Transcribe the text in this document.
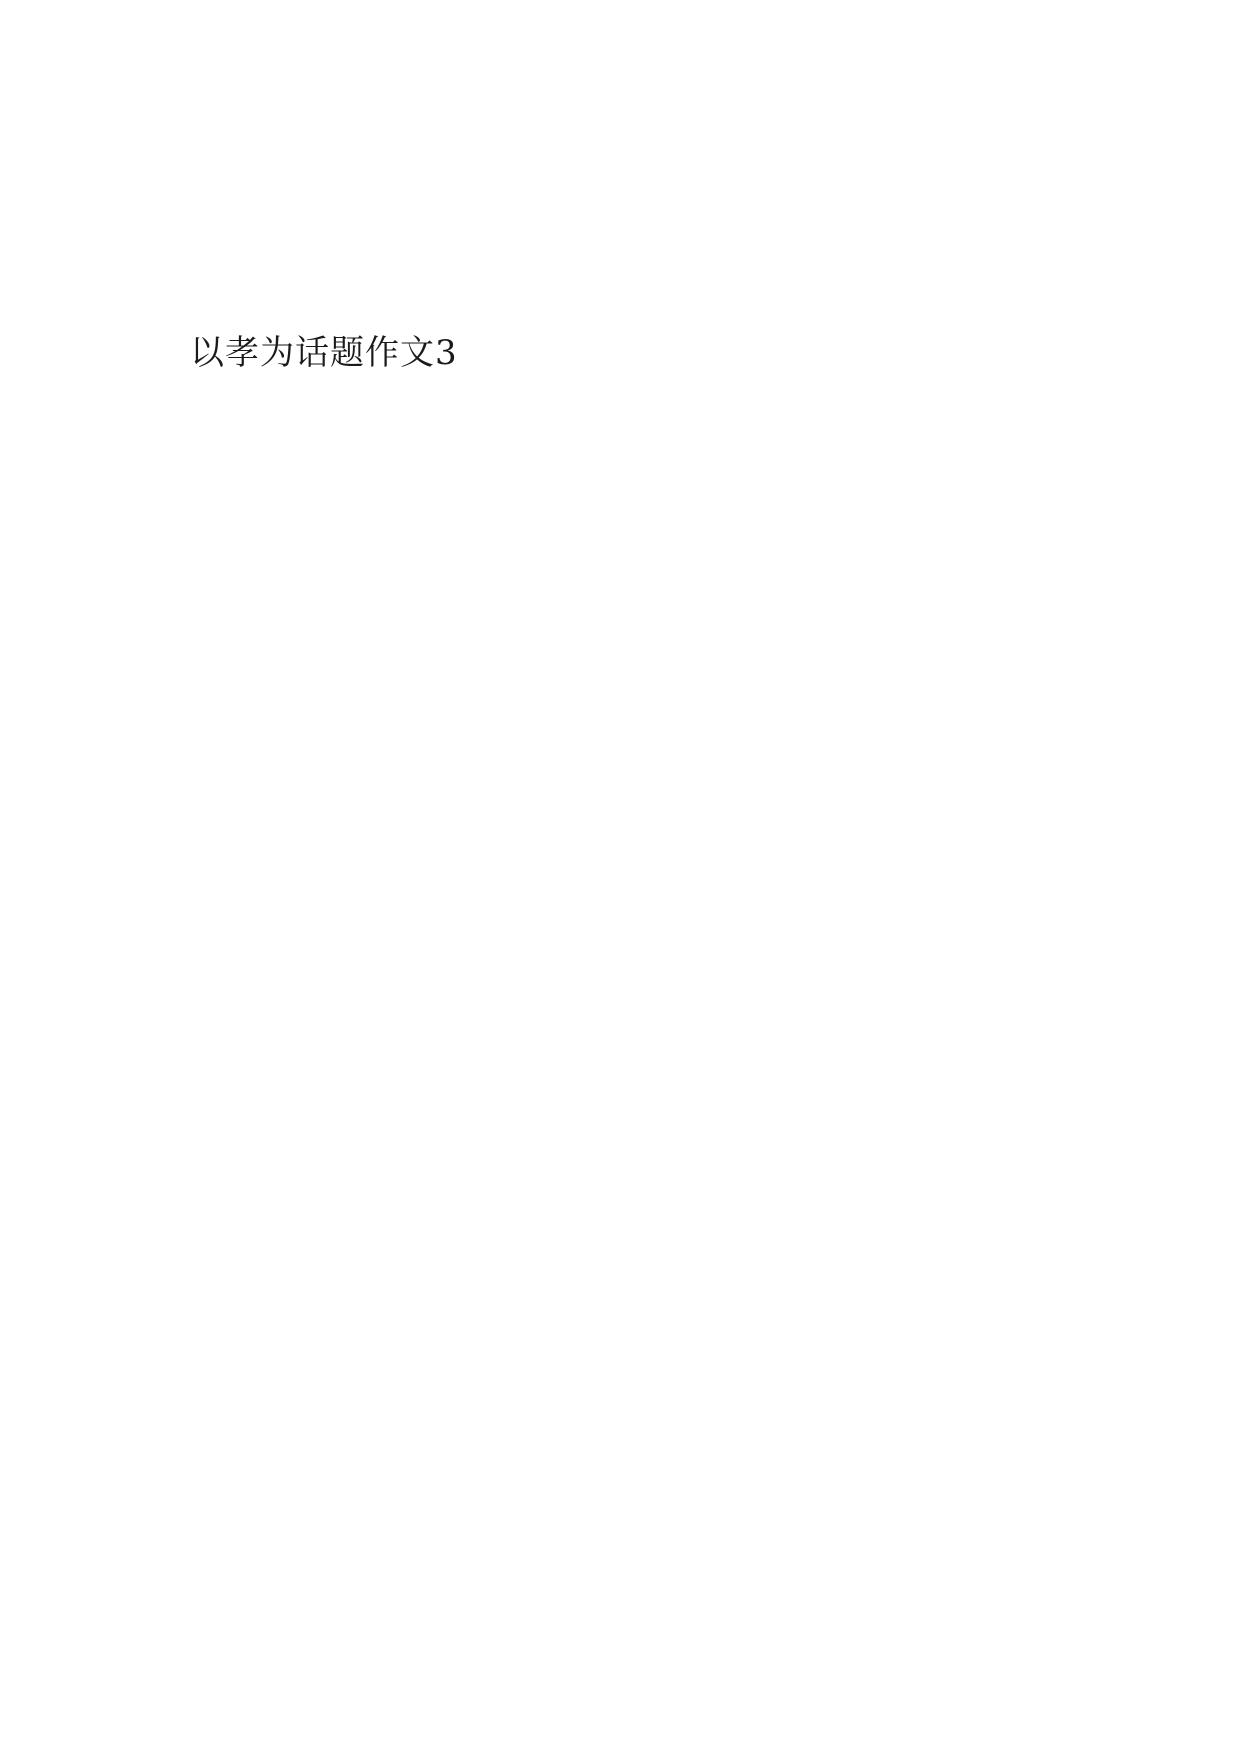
以孝为话题作文3
